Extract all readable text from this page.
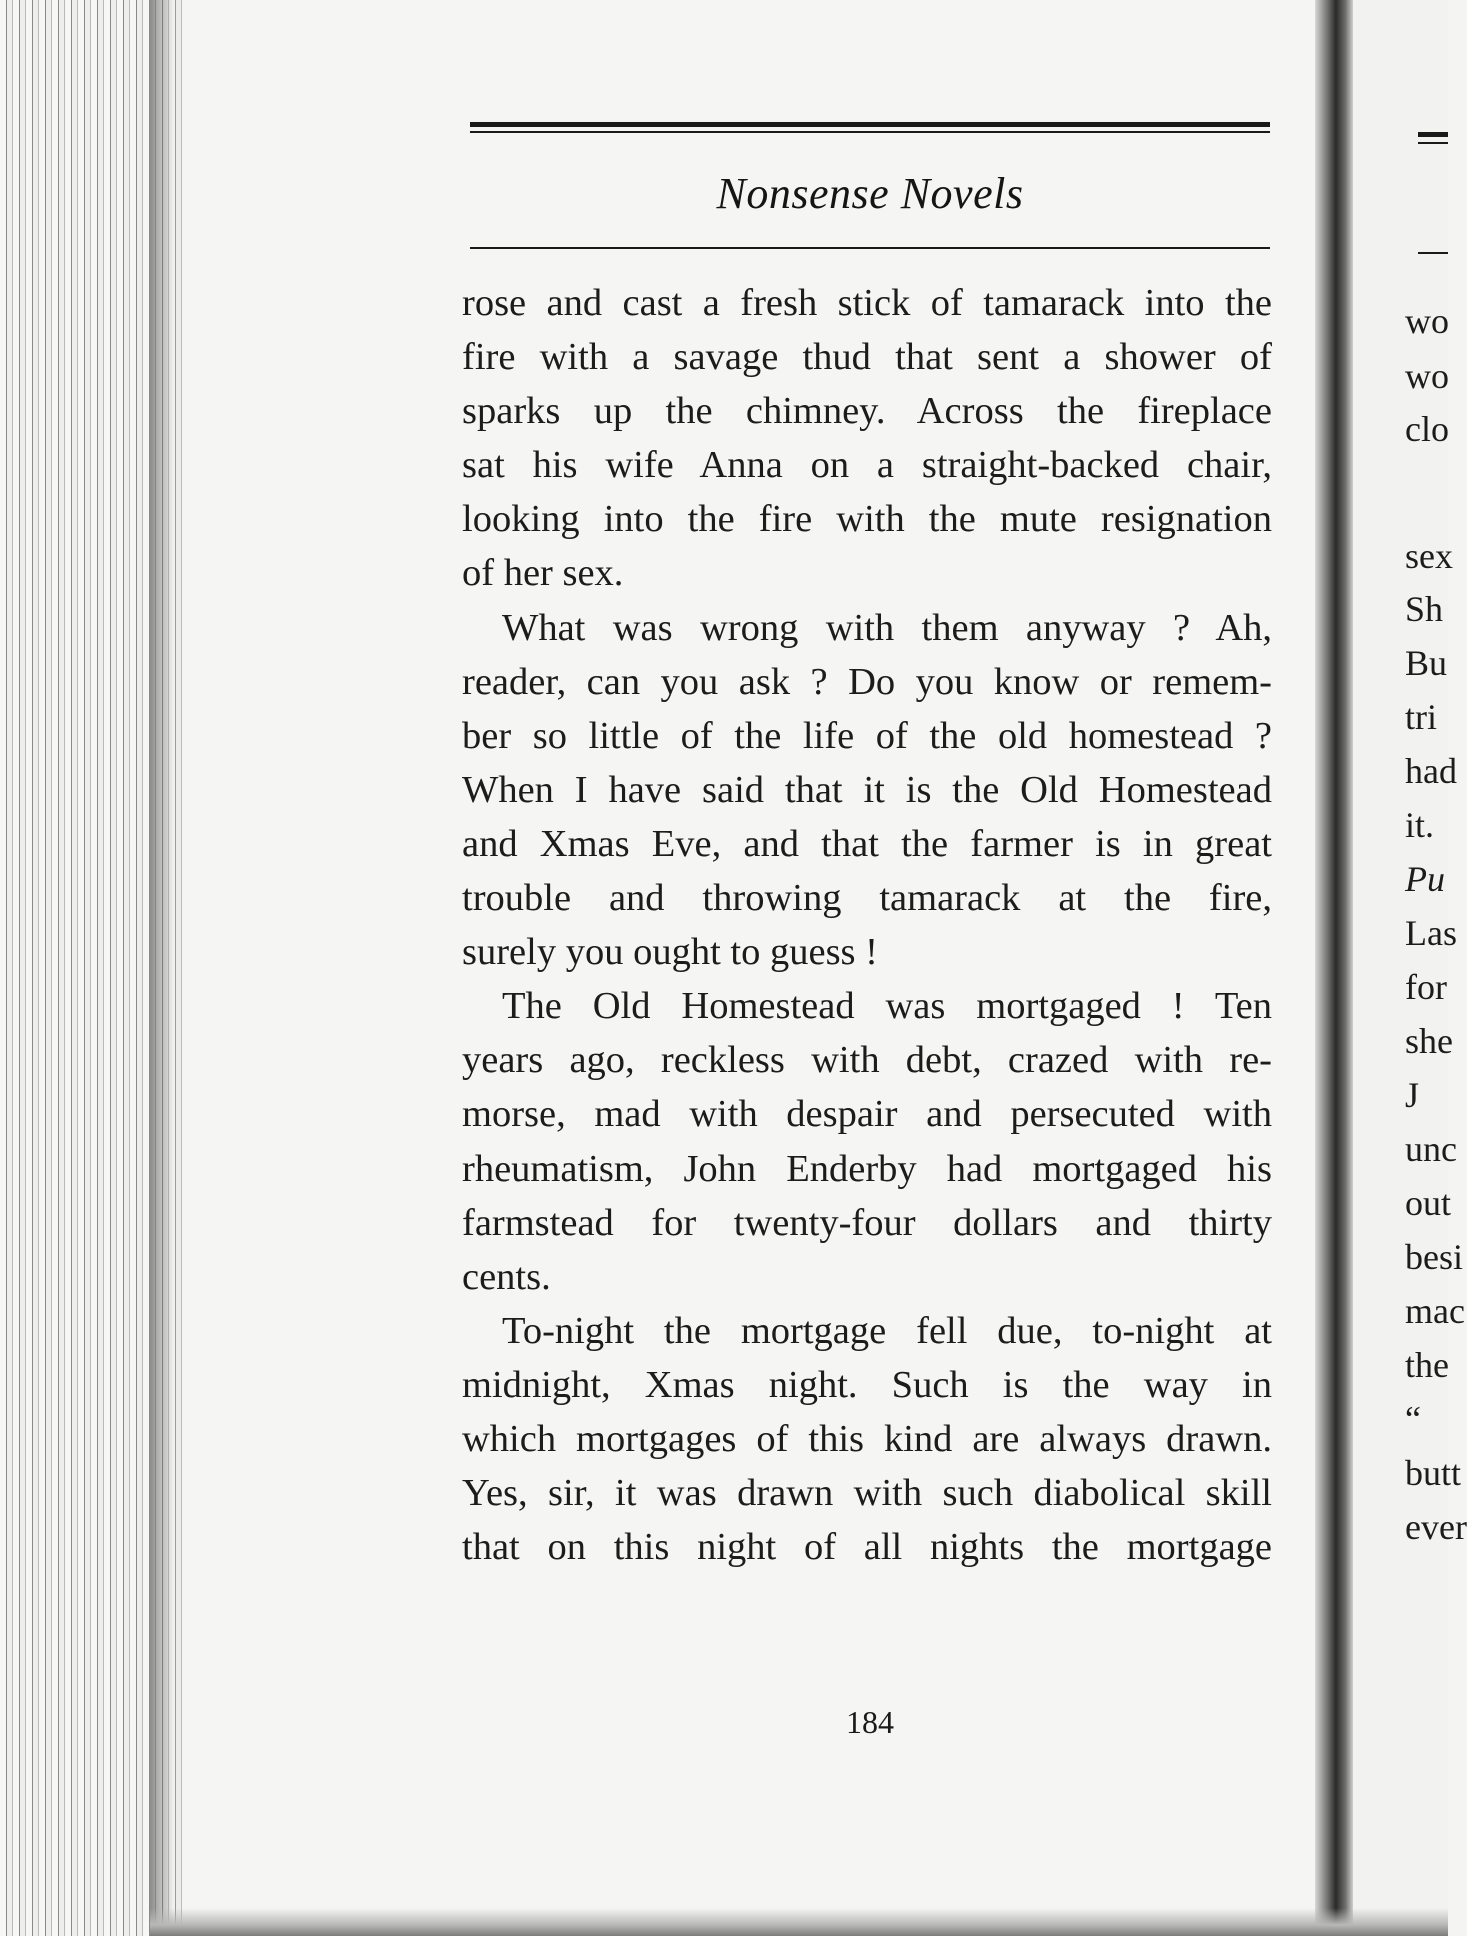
Nonsense Novels

rose and cast a fresh stick of tamarack into the
fire with a savage thud that sent a shower of
sparks up the chimney. Across the fireplace
sat his wife Anna on a straight-backed chair,
looking into the fire with the mute resignation

of her sex.

What was wrong with them anyway ? Ah,
reader, can you ask ? Do you know or remem-
ber so little of the life of the old homestead ?
When I have said that it is the Old Homestead
and Xmas Eve, and that the farmer is in great
trouble and throwing tamarack at the fire,

surely you ought to guess !

The Old Homestead was mortgaged ! Ten
years ago, reckless with debt, crazed with re-
morse, mad with despair and persecuted with
rheumatism, John Enderby had mortgaged his
farmstead for twenty-four dollars and thirty

cents.

To-night the mortgage fell due, to-night at
midnight, Xmas night. Such is the way in
which mortgages of this kind are always drawn.
Yes, sir, it was drawn with such diabolical skill
that on this night of all nights the mortgage

184
wo
wo
clo
sex
Sh
Bu
tri
had
it.
Pu
Las
for
she
J
unc
out
besi
mac
the
“
butt
ever
